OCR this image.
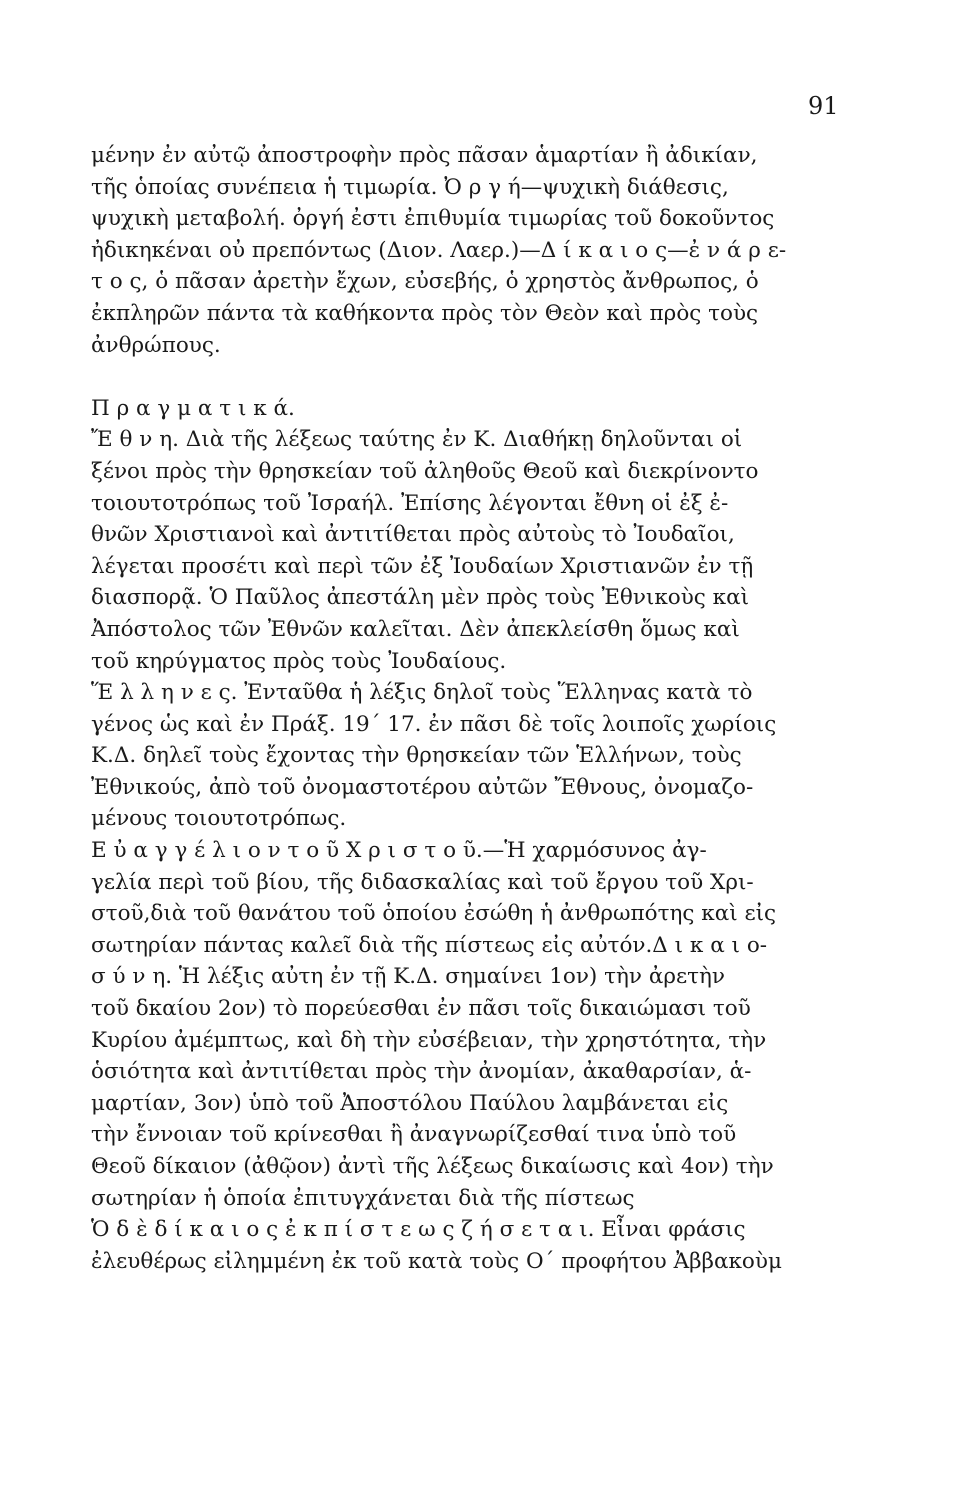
91
μένην ἐν αὐτῷ ἀποστροφὴν πρὸς πᾶσαν ἁμαρτίαν ἢ ἀδικίαν,
τῆς ὁποίας συνέπεια ἡ τιμωρία. Ὀ ρ γ ή—ψυχικὴ διάθεσις,
ψυχικὴ μεταβολή. ὀργή ἐστι ἐπιθυμία τιμωρίας τοῦ δοκοῦντος
ἠδικηκέναι οὐ πρεπόντως (Διον. Λαερ.)—Δ ί κ α ι ο ς—ἐ ν ά ρ ε-
τ ο ς, ὁ πᾶσαν ἀρετὴν ἔχων, εὐσεβής, ὁ χρηστὸς ἄνθρωπος, ὁ
ἐκπληρῶν πάντα τὰ καθήκοντα πρὸς τὸν Θεὸν καὶ πρὸς τοὺς
ἀνθρώπους.
Π ρ α γ μ α τ ι κ ά.
Ἔ θ ν η. Διὰ τῆς λέξεως ταύτης ἐν Κ. Διαθήκῃ δηλοῦνται οἱ
ξένοι πρὸς τὴν θρησκείαν τοῦ ἀληθοῦς Θεοῦ καὶ διεκρίνοντο
τοιουτοτρόπως τοῦ Ἰσραήλ. Ἐπίσης λέγονται ἔθνη οἱ ἐξ ἐ-
θνῶν Χριστιανοὶ καὶ ἀντιτίθεται πρὸς αὐτοὺς τὸ Ἰουδαῖοι,
λέγεται προσέτι καὶ περὶ τῶν ἐξ Ἰουδαίων Χριστιανῶν ἐν τῇ
διασπορᾷ. Ὁ Παῦλος ἀπεστάλη μὲν πρὸς τοὺς Ἐθνικοὺς καὶ
Ἀπόστολος τῶν Ἐθνῶν καλεῖται. Δὲν ἀπεκλείσθη ὅμως καὶ
τοῦ κηρύγματος πρὸς τοὺς Ἰουδαίους.
Ἕ λ λ η ν ε ς. Ἐνταῦθα ἡ λέξις δηλοῖ τοὺς Ἕλληνας κατὰ τὸ
γένος ὡς καὶ ἐν Πράξ. 19΄ 17. ἐν πᾶσι δὲ τοῖς λοιποῖς χωρίοις
Κ.Δ. δηλεῖ τοὺς ἔχοντας τὴν θρησκείαν τῶν Ἑλλήνων, τοὺς
Ἐθνικούς, ἀπὸ τοῦ ὀνομαστοτέρου αὐτῶν Ἔθνους, ὀνομαζο-
μένους τοιουτοτρόπως.
Ε ὐ α γ γ έ λ ι ο ν τ ο ῦ Χ ρ ι σ τ ο ῦ.—Ἡ χαρμόσυνος ἀγ-
γελία περὶ τοῦ βίου, τῆς διδασκαλίας καὶ τοῦ ἔργου τοῦ Χρι-
στοῦ,διὰ τοῦ θανάτου τοῦ ὁποίου ἐσώθη ἡ ἀνθρωπότης καὶ εἰς
σωτηρίαν πάντας καλεῖ διὰ τῆς πίστεως εἰς αὐτόν.Δ ι κ α ι ο-
σ ύ ν η. Ἡ λέξις αὐτη ἐν τῇ Κ.Δ. σημαίνει 1ον) τὴν ἀρετὴν
τοῦ δκαίου 2ον) τὸ πορεύεσθαι ἐν πᾶσι τοῖς δικαιώμασι τοῦ
Κυρίου ἀμέμπτως, καὶ δὴ τὴν εὐσέβειαν, τὴν χρηστότητα, τὴν
ὁσιότητα καὶ ἀντιτίθεται πρὸς τὴν ἀνομίαν, ἀκαθαρσίαν, ἁ-
μαρτίαν, 3ον) ὑπὸ τοῦ Ἀποστόλου Παύλου λαμβάνεται εἰς
τὴν ἔννοιαν τοῦ κρίνεσθαι ἢ ἀναγνωρίζεσθαί τινα ὑπὸ τοῦ
Θεοῦ δίκαιον (ἀθῷον) ἀντὶ τῆς λέξεως δικαίωσις καὶ 4ον) τὴν
σωτηρίαν ἡ ὁποία ἐπιτυγχάνεται διὰ τῆς πίστεως
Ὁ δ ὲ δ ί κ α ι ο ς ἐ κ π ί σ τ ε ω ς ζ ή σ ε τ α ι. Εἶναι φράσις
ἐλευθέρως εἰλημμένη ἐκ τοῦ κατὰ τοὺς Ο΄ προφήτου Ἀββακοὺμ
